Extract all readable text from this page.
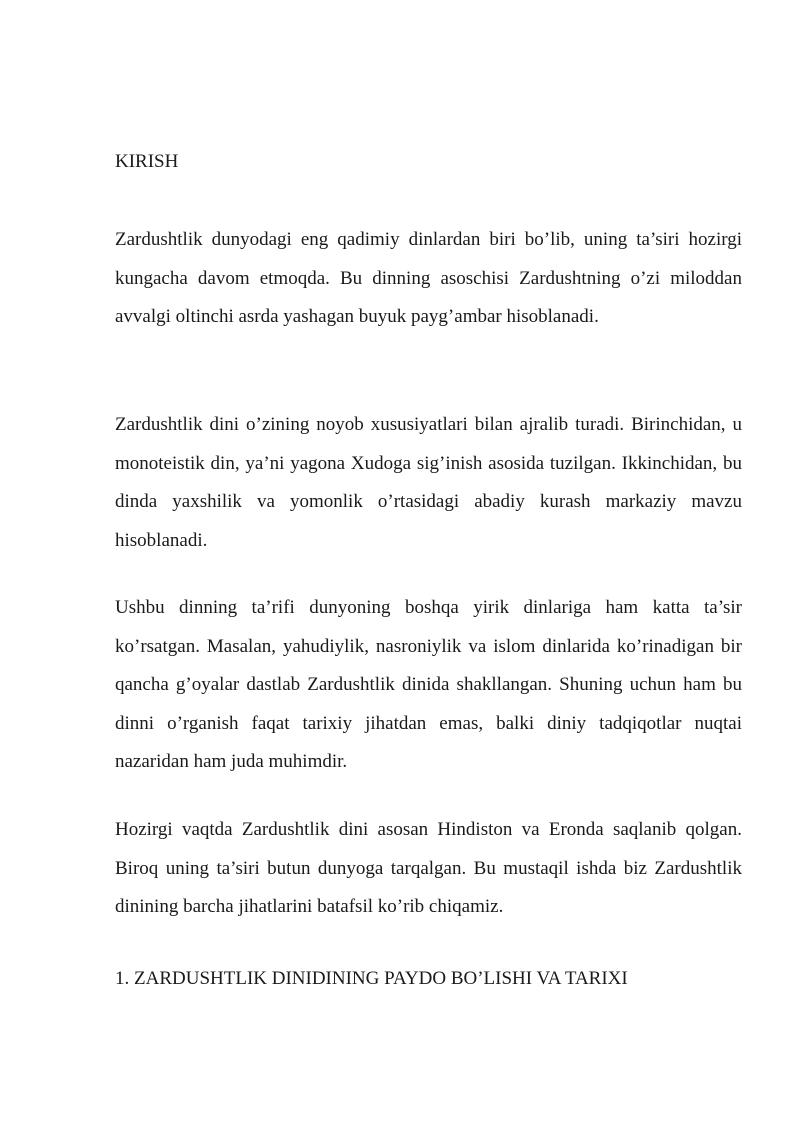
KIRISH

Zardushtlik dunyodagi eng qadimiy dinlardan biri bo’lib, uning ta’siri hozirgi kungacha davom etmoqda. Bu dinning asoschisi Zardushtning o’zi miloddan avvalgi oltinchi asrda yashagan buyuk payg’ambar hisoblanadi.

Zardushtlik dini o’zining noyob xususiyatlari bilan ajralib turadi. Birinchidan, u monoteistik din, ya’ni yagona Xudoga sig’inish asosida tuzilgan. Ikkinchidan, bu dinda yaxshilik va yomonlik o’rtasidagi abadiy kurash markaziy mavzu hisoblanadi.

Ushbu dinning ta’rifi dunyoning boshqa yirik dinlariga ham katta ta’sir ko’rsatgan. Masalan, yahudiylik, nasroniylik va islom dinlarida ko’rinadigan bir qancha g’oyalar dastlab Zardushtlik dinida shakllangan. Shuning uchun ham bu dinni o’rganish faqat tarixiy jihatdan emas, balki diniy tadqiqotlar nuqtai nazaridan ham juda muhimdir.

Hozirgi vaqtda Zardushtlik dini asosan Hindiston va Eronda saqlanib qolgan. Biroq uning ta’siri butun dunyoga tarqalgan. Bu mustaqil ishda biz Zardushtlik dinining barcha jihatlarini batafsil ko’rib chiqamiz.

1. ZARDUSHTLIK DINIDINING PAYDO BO’LISHI VA TARIXI
